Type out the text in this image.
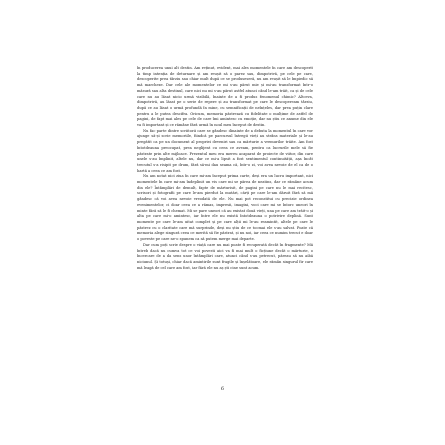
în producerea unui alt destin. Am reținut, evident, mai ales momentele în care am descoperit la timp intenția de deturnare și am reușit să o parez sau, dimpotrivă, pe cele pe care, descoperite prea târziu sau chiar mult după ce se produseseră, nu am reușit să le împiedic să mă marcheze. Dar cele ale momentelor ce mi s-au părut mie și mi-au transformat într-o măsură sau alta destinul, care nici nu mi s-au părut astfel atunci când le-am trăit, ca și de cele care nu au lăsat nicio urmă vizibilă, înainte de a fi produs fenomenul chimic? Altceva, dimpotrivă, au lăsat pe o serie de repere și au transformat pe care le descopeream târziu, după ce au lăsat o urmă profundă în mine, cu semnificații de neînțeles, dar prea puțin clare pentru a le putea descifra. Oricum, memoria păstrează cu fidelitate o mulțime de astfel de pagini, de fapt mai ales pe cele de care îmi amintesc cu emoție, dar nu știu ce anume din ele va fi important și ce rămâne fără urmă în noul meu început de destin.

Nu fac parte dintre scriitorii care se gândesc dinainte de a debuta la momentul în care vor ajunge să-și scrie memoriile, fiindcă pe parcursul întregii vieți au strâns materiale și le-au pregătit ca pe un document al propriei deveniri sau ca mărturie a vremurilor trăite. Am fost întotdeauna preocupat, prea neglijent cu ceea ce aveam, pentru ca lucrurile mele să fie păstrate prin alte mijloace. Prezentul meu era mereu acaparat de proiecte de viitor, din care unele s-au împlinit, altele nu, dar ce mi-a lipsit a fost sentimentul continuității, așa încât trecutul s-a risipit pe drum, fără să-mi dau seama că, într-o zi, voi avea nevoie de el ca de o hartă a ceea ce am fost.

Nu am notat nici ziua în care mi-am început prima carte, deși era un lucru important, nici momentele în care mi-am îndeplinit un vis care mi se părea de neatins, dar ce rămâne acum din ele? Întâmplări de demult, fapte de mărturisit, de pagini pe care nu le mai recitesc, scrisori și fotografii pe care le-am pierdut la mutări, cărți pe care le-am dăruit fără să mă gândesc că voi avea nevoie vreodată de ele. Nu mai pot reconstitui cu precizie ordinea evenimentelor, ci doar ceea ce a rămas, impresii, imagini, voci care mi se întorc uneori în minte fără să le fi chemat. Mi se pare uneori că au existat două vieți, una pe care am trăit-o și alta pe care mi-o amintesc, iar între ele nu există întotdeauna o potrivire deplină. Sunt momente pe care le-am uitat complet și pe care alții mi le-au reamintit, altele pe care le păstrez cu o claritate care mă surprinde, deși nu știu de ce tocmai ele s-au salvat. Poate că memoria alege singură ceea ce merită să fie păstrat, și nu noi, iar ceea ce numim trecut e doar o poveste pe care ne-o spunem ca să putem merge mai departe.

Dar cum poți scrie despre o viață care nu mai poate fi recuperată decât în fragmente? Mă întreb dacă nu cumva tot ce voi povesti aici va fi mai mult o ficțiune decât o mărturie, o încercare de a da sens unor întâmplări care, atunci când s-au petrecut, păreau să nu aibă niciunul. Și totuși, chiar dacă amintirile sunt fragile și înșelătoare, ele rămân singurul fir care mă leagă de cel care am fost, iar fără ele nu aș ști cine sunt acum.

6
